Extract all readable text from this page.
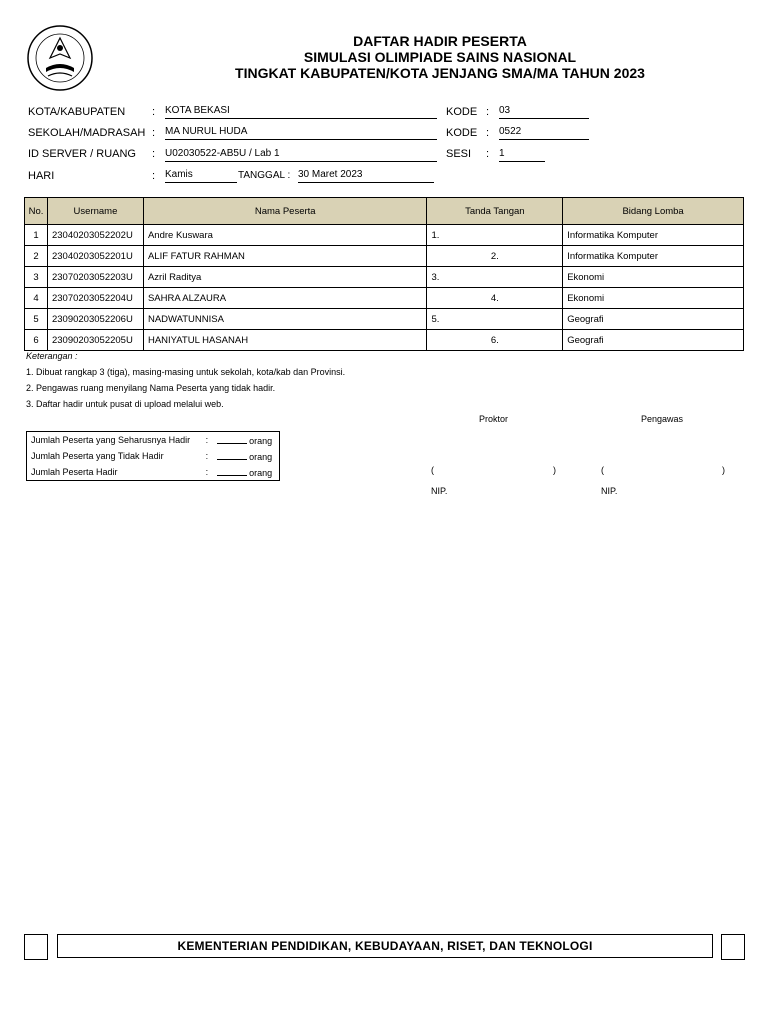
DAFTAR HADIR PESERTA
SIMULASI OLIMPIADE SAINS NASIONAL
TINGKAT KABUPATEN/KOTA JENJANG SMA/MA TAHUN 2023
KOTA/KABUPATEN : KOTA BEKASI	KODE : 03
SEKOLAH/MADRASAH : MA NURUL HUDA	KODE : 0522
ID SERVER / RUANG : U02030522-AB5U / Lab 1	SESI : 1
HARI	: Kamis	TANGGAL : 30 Maret 2023
No.	Username	Nama Peserta	Tanda Tangan	Bidang Lomba
1	23040203052202U	Andre Kuswara	1.	Informatika Komputer
2	23040203052201U	ALIF FATUR RAHMAN	2.	Informatika Komputer
3	23070203052203U	Azril Raditya	3.	Ekonomi
4	23070203052204U	SAHRA ALZAURA	4.	Ekonomi
5	23090203052206U	NADWATUNNISA	5.	Geografi
6	23090203052205U	HANIYATUL HASANAH	6.	Geografi
Keterangan :
1. Dibuat rangkap 3 (tiga), masing-masing untuk sekolah, kota/kab dan Provinsi.
2. Pengawas ruang menyilang Nama Peserta yang tidak hadir.
3. Daftar hadir untuk pusat di upload melalui web.
Jumlah Peserta yang Seharusnya Hadir	:	orang
Jumlah Peserta yang Tidak Hadir	:	orang
Jumlah Peserta Hadir	:	orang
Proktor	Pengawas
(	)	(	)
NIP.	NIP.
KEMENTERIAN PENDIDIKAN, KEBUDAYAAN, RISET, DAN TEKNOLOGI
